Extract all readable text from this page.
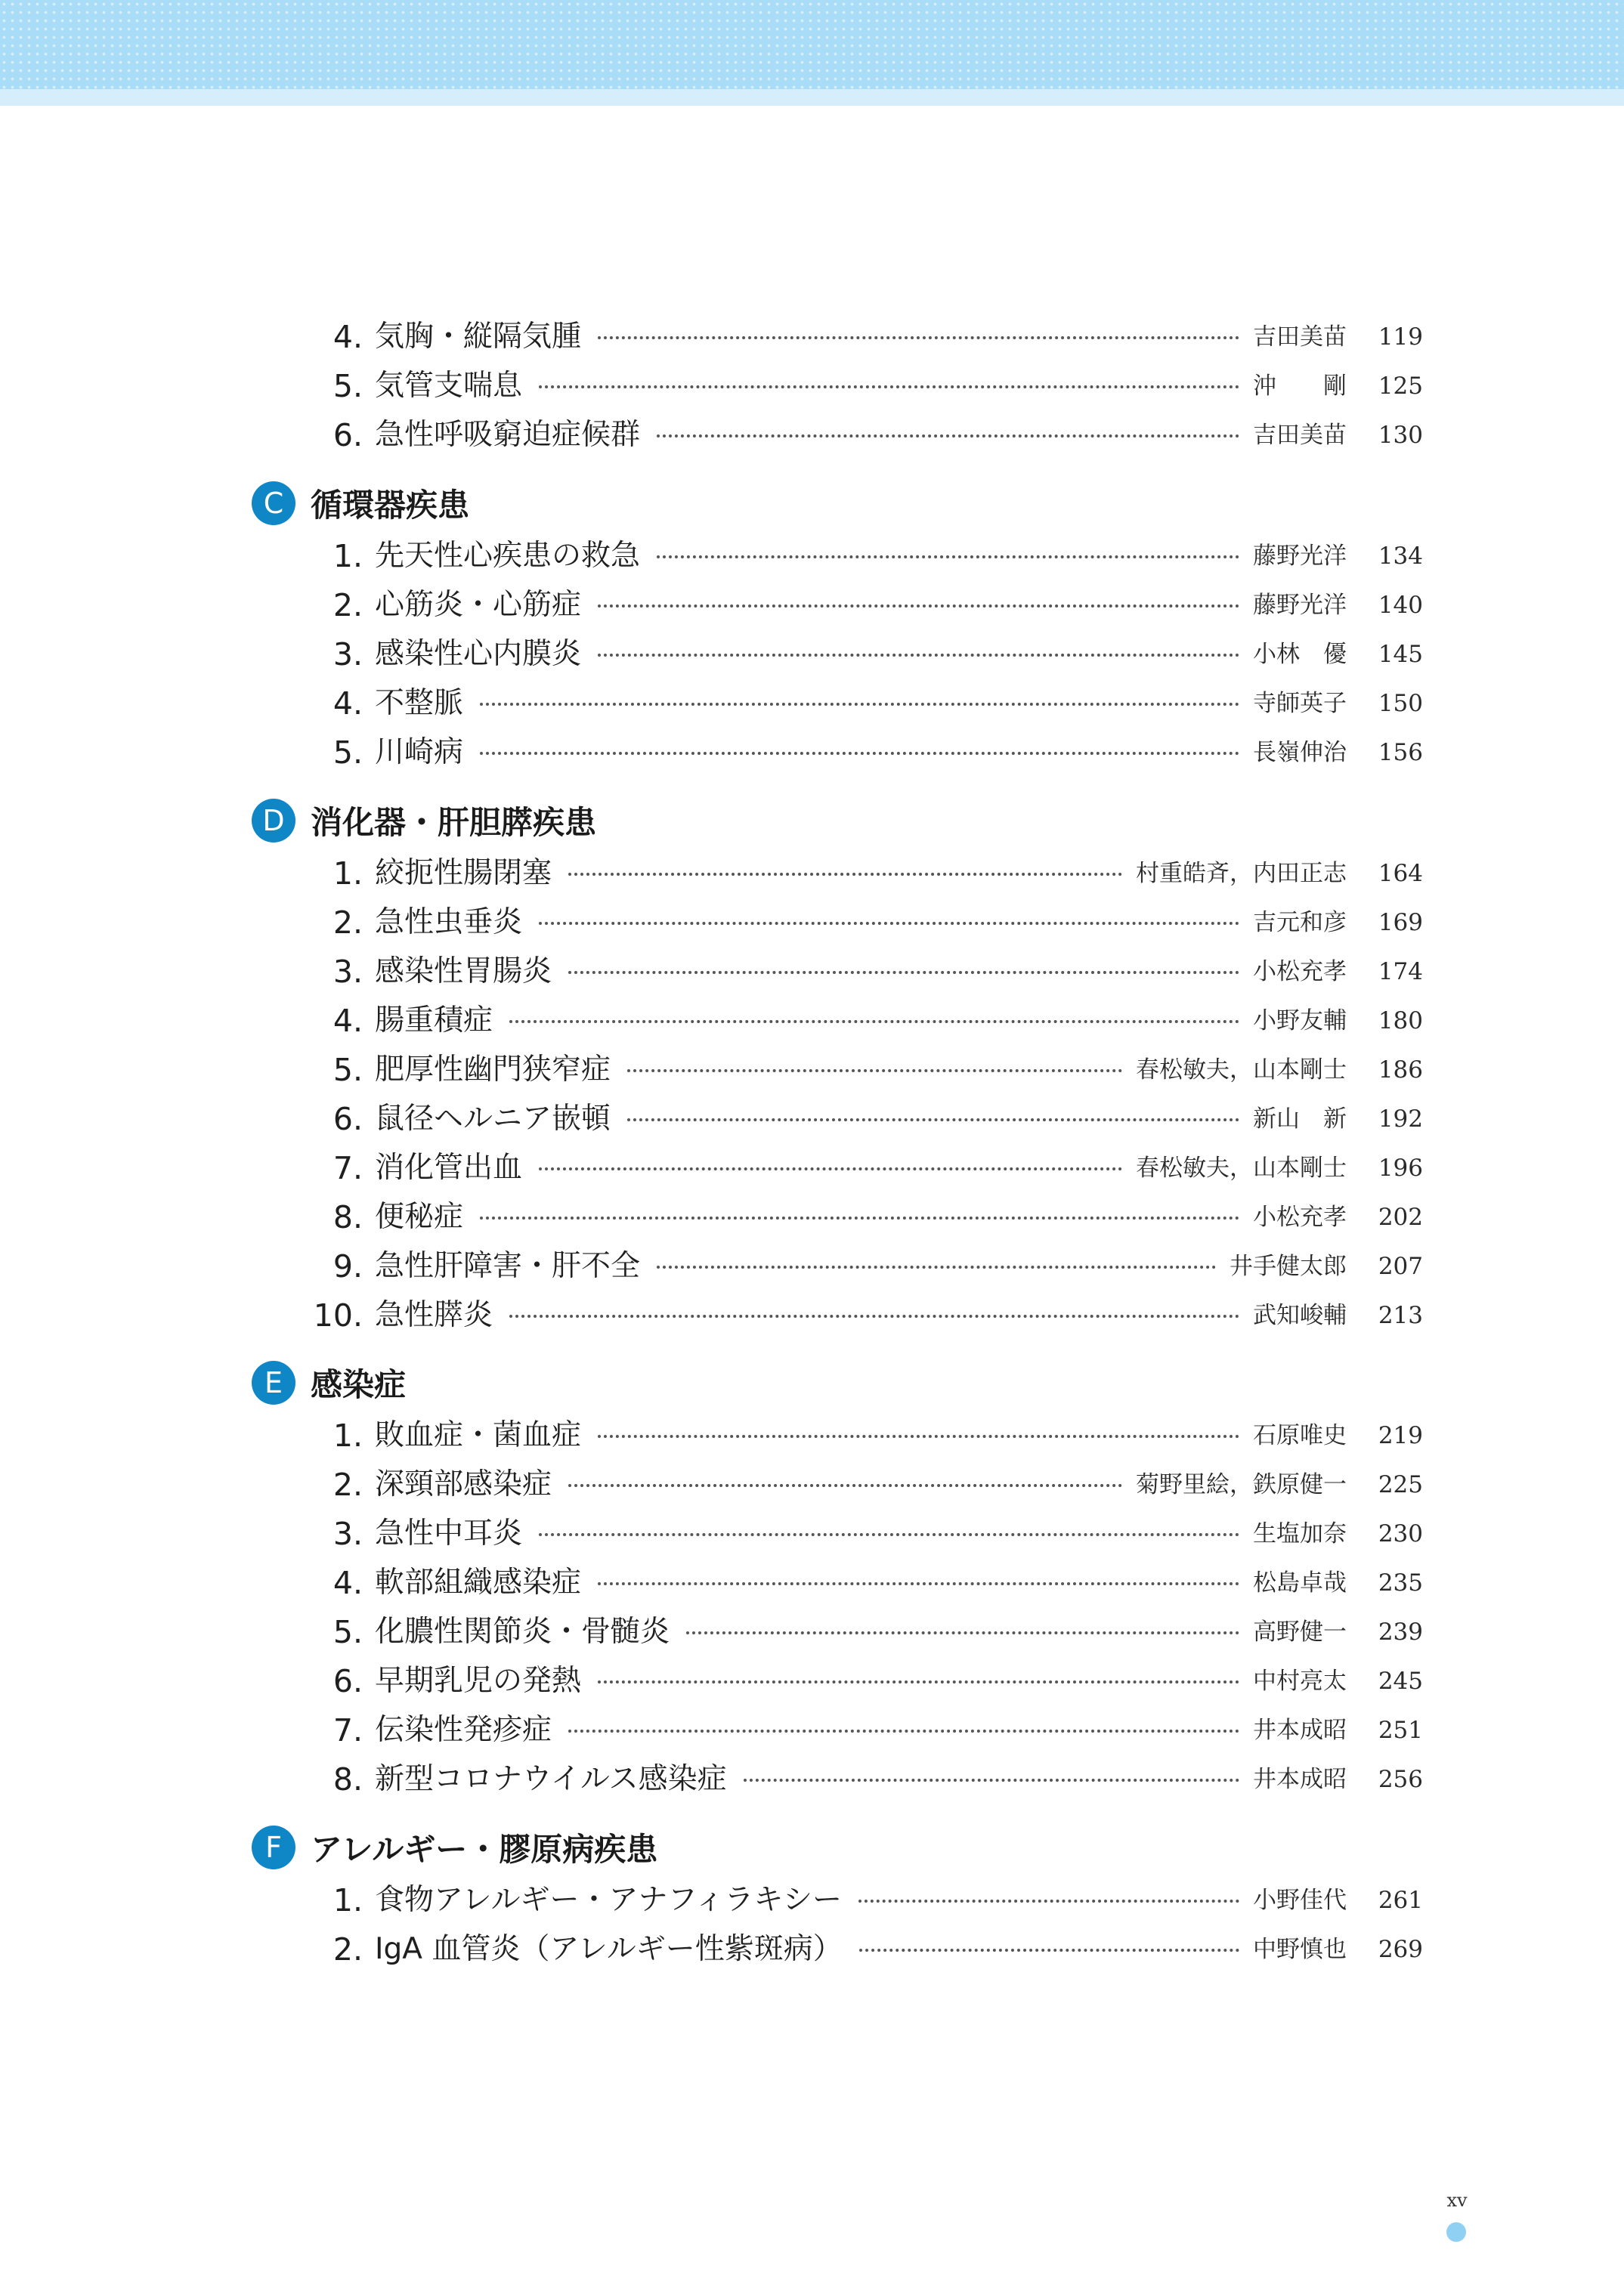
4. 気胸・縦隔気腫	吉田美苗 119
5. 気管支喘息	沖　　剛 125
6. 急性呼吸窮迫症候群	吉田美苗 130
C 循環器疾患
1. 先天性心疾患の救急	藤野光洋 134
2. 心筋炎・心筋症	藤野光洋 140
3. 感染性心内膜炎	小林　優 145
4. 不整脈	寺師英子 150
5. 川崎病	長嶺伸治 156
D 消化器・肝胆膵疾患
1. 絞扼性腸閉塞	村重皓斉，内田正志 164
2. 急性虫垂炎	吉元和彦 169
3. 感染性胃腸炎	小松充孝 174
4. 腸重積症	小野友輔 180
5. 肥厚性幽門狭窄症	春松敏夫，山本剛士 186
6. 鼠径ヘルニア嵌頓	新山　新 192
7. 消化管出血	春松敏夫，山本剛士 196
8. 便秘症	小松充孝 202
9. 急性肝障害・肝不全	井手健太郎 207
10. 急性膵炎	武知峻輔 213
E 感染症
1. 敗血症・菌血症	石原唯史 219
2. 深頸部感染症	菊野里絵，鉄原健一 225
3. 急性中耳炎	生塩加奈 230
4. 軟部組織感染症	松島卓哉 235
5. 化膿性関節炎・骨髄炎	高野健一 239
6. 早期乳児の発熱	中村亮太 245
7. 伝染性発疹症	井本成昭 251
8. 新型コロナウイルス感染症	井本成昭 256
F アレルギー・膠原病疾患
1. 食物アレルギー・アナフィラキシー	小野佳代 261
2. IgA 血管炎（アレルギー性紫斑病）	中野慎也 269
xv
